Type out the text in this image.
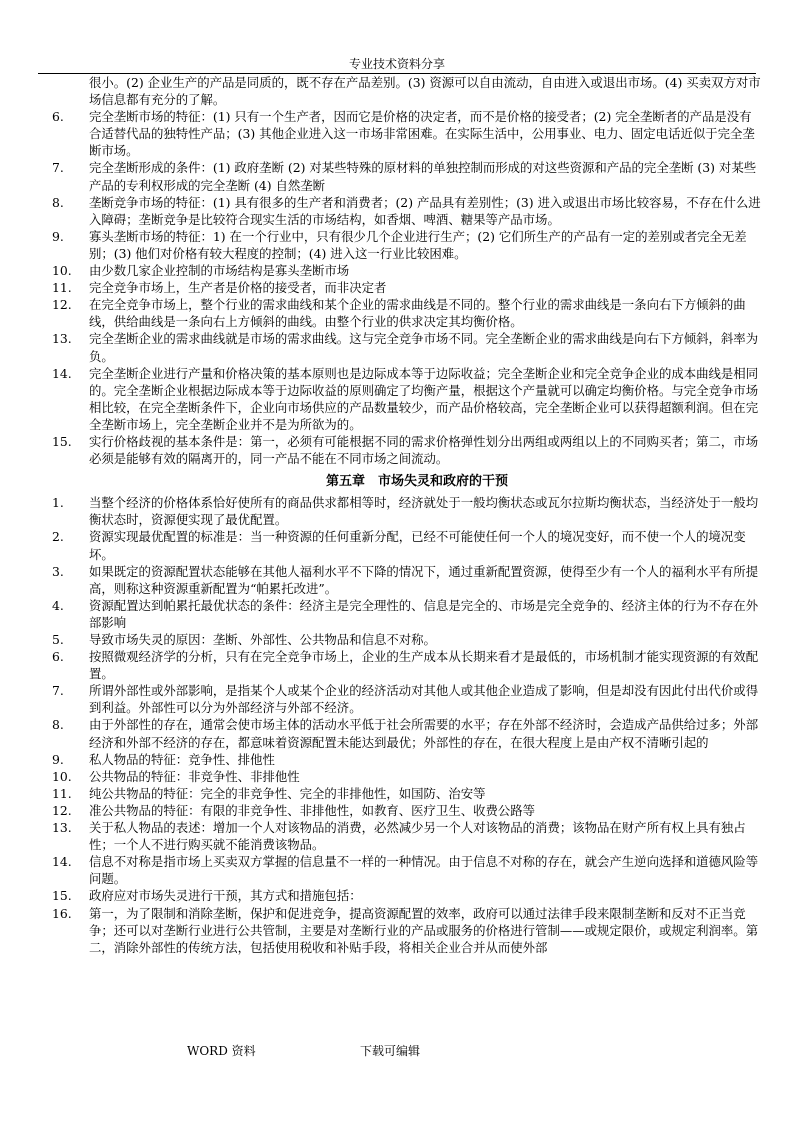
专业技术资料分享

很小。(2) 企业生产的产品是同质的，既不存在产品差别。(3) 资源可以自由流动，自由进入或退出市场。(4) 买卖双方对市场信息都有充分的了解。

6.	完全垄断市场的特征：(1) 只有一个生产者，因而它是价格的决定者，而不是价格的接受者；(2) 完全垄断者的产品是没有合适替代品的独特性产品；(3) 其他企业进入这一市场非常困难。在实际生活中，公用事业、电力、固定电话近似于完全垄断市场。
7.	完全垄断形成的条件：(1) 政府垄断 (2) 对某些特殊的原材料的单独控制而形成的对这些资源和产品的完全垄断 (3) 对某些产品的专利权形成的完全垄断 (4) 自然垄断
8.	垄断竞争市场的特征：(1) 具有很多的生产者和消费者；(2) 产品具有差别性；(3) 进入或退出市场比较容易，不存在什么进入障碍；垄断竞争是比较符合现实生活的市场结构，如香烟、啤酒、糖果等产品市场。
9.	寡头垄断市场的特征：1) 在一个行业中，只有很少几个企业进行生产；(2) 它们所生产的产品有一定的差别或者完全无差别；(3) 他们对价格有较大程度的控制；(4) 进入这一行业比较困难。
10.	由少数几家企业控制的市场结构是寡头垄断市场
11.	完全竞争市场上，生产者是价格的接受者，而非决定者
12.	在完全竞争市场上，整个行业的需求曲线和某个企业的需求曲线是不同的。整个行业的需求曲线是一条向右下方倾斜的曲线，供给曲线是一条向右上方倾斜的曲线。由整个行业的供求决定其均衡价格。
13.	完全垄断企业的需求曲线就是市场的需求曲线。这与完全竞争市场不同。完全垄断企业的需求曲线是向右下方倾斜，斜率为负。
14.	完全垄断企业进行产量和价格决策的基本原则也是边际成本等于边际收益；完全垄断企业和完全竞争企业的成本曲线是相同的。完全垄断企业根据边际成本等于边际收益的原则确定了均衡产量，根据这个产量就可以确定均衡价格。与完全竞争市场相比较，在完全垄断条件下，企业向市场供应的产品数量较少，而产品价格较高，完全垄断企业可以获得超额利润。但在完全垄断市场上，完全垄断企业并不是为所欲为的。
15.	实行价格歧视的基本条件是：第一，必须有可能根据不同的需求价格弹性划分出两组或两组以上的不同购买者；第二，市场必须是能够有效的隔离开的，同一产品不能在不同市场之间流动。
第五章　市场失灵和政府的干预
1.	当整个经济的价格体系恰好使所有的商品供求都相等时，经济就处于一般均衡状态或瓦尔拉斯均衡状态，当经济处于一般均衡状态时，资源便实现了最优配置。
2.	资源实现最优配置的标准是：当一种资源的任何重新分配，已经不可能使任何一个人的境况变好，而不使一个人的境况变坏。
3.	如果既定的资源配置状态能够在其他人福利水平不下降的情况下，通过重新配置资源，使得至少有一个人的福利水平有所提高，则称这种资源重新配置为“帕累托改进”。
4.	资源配置达到帕累托最优状态的条件：经济主是完全理性的、信息是完全的、市场是完全竞争的、经济主体的行为不存在外部影响
5.	导致市场失灵的原因：垄断、外部性、公共物品和信息不对称。
6.	按照微观经济学的分析，只有在完全竞争市场上，企业的生产成本从长期来看才是最低的，市场机制才能实现资源的有效配置。
7.	所谓外部性或外部影响，是指某个人或某个企业的经济活动对其他人或其他企业造成了影响，但是却没有因此付出代价或得到利益。外部性可以分为外部经济与外部不经济。
8.	由于外部性的存在，通常会使市场主体的活动水平低于社会所需要的水平；存在外部不经济时，会造成产品供给过多；外部经济和外部不经济的存在，都意味着资源配置未能达到最优；外部性的存在，在很大程度上是由产权不清晰引起的
9.	私人物品的特征：竞争性、排他性
10.	公共物品的特征：非竞争性、非排他性
11.	纯公共物品的特征：完全的非竞争性、完全的非排他性，如国防、治安等
12.	准公共物品的特征：有限的非竞争性、非排他性，如教育、医疗卫生、收费公路等
13.	关于私人物品的表述：增加一个人对该物品的消费，必然减少另一个人对该物品的消费；该物品在财产所有权上具有独占性；一个人不进行购买就不能消费该物品。
14.	信息不对称是指市场上买卖双方掌握的信息量不一样的一种情况。由于信息不对称的存在，就会产生逆向选择和道德风险等问题。
15.	政府应对市场失灵进行干预，其方式和措施包括：
16.	第一，为了限制和消除垄断，保护和促进竞争，提高资源配置的效率，政府可以通过法律手段来限制垄断和反对不正当竞争；还可以对垄断行业进行公共管制，主要是对垄断行业的产品或服务的价格进行管制——或规定限价，或规定利润率。第二，消除外部性的传统方法，包括使用税收和补贴手段，将相关企业合并从而使外部
WORD 资料	下载可编辑
